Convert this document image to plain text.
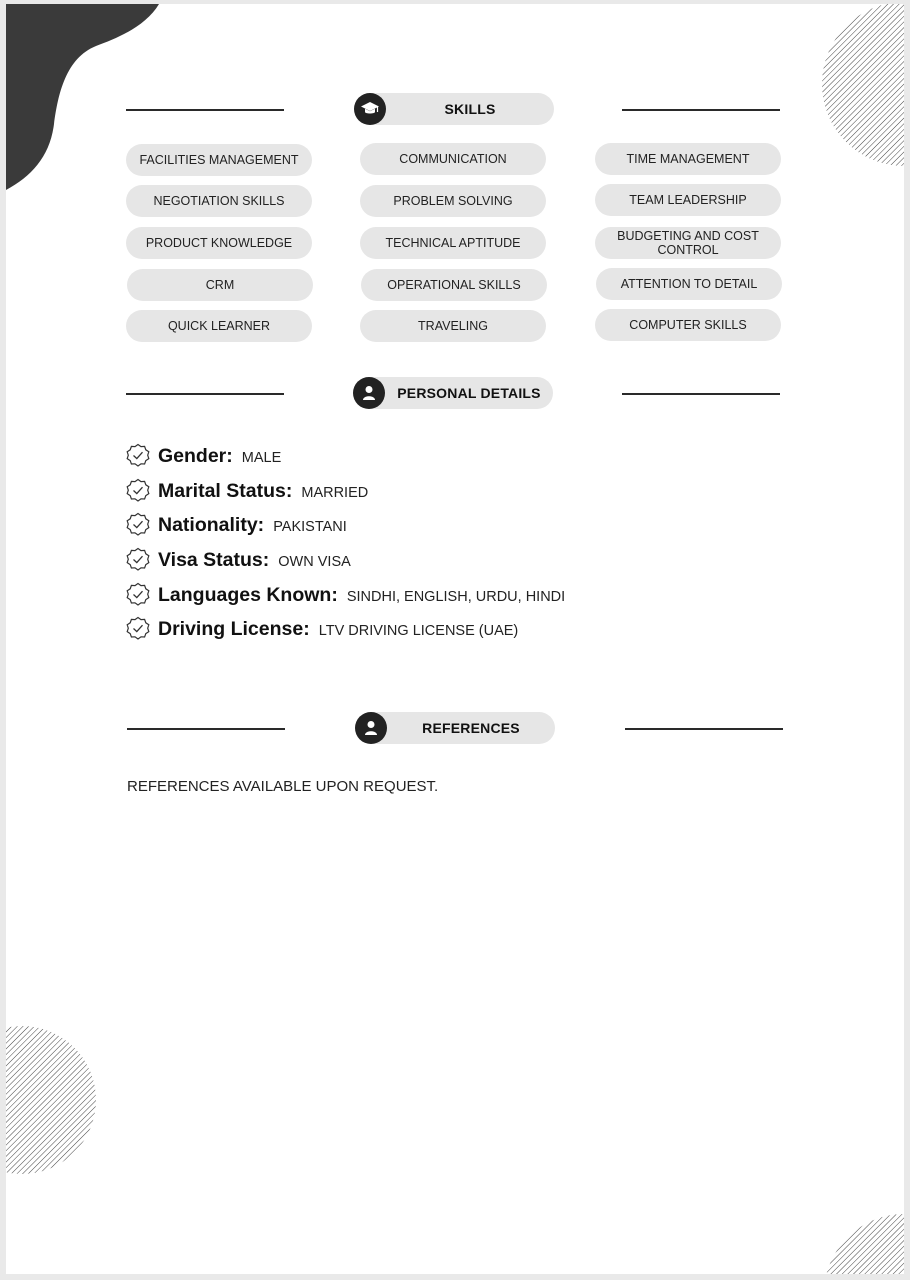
SKILLS
FACILITIES MANAGEMENT	COMMUNICATION	TIME MANAGEMENT
NEGOTIATION SKILLS	PROBLEM SOLVING	TEAM LEADERSHIP
PRODUCT KNOWLEDGE	TECHNICAL APTITUDE	BUDGETING AND COST CONTROL
CRM	OPERATIONAL SKILLS	ATTENTION TO DETAIL
QUICK LEARNER	TRAVELING	COMPUTER SKILLS
PERSONAL DETAILS
Gender: MALE
Marital Status: MARRIED
Nationality: PAKISTANI
Visa Status: OWN VISA
Languages Known: SINDHI, ENGLISH, URDU, HINDI
Driving License: LTV DRIVING LICENSE (UAE)
REFERENCES
REFERENCES AVAILABLE UPON REQUEST.
